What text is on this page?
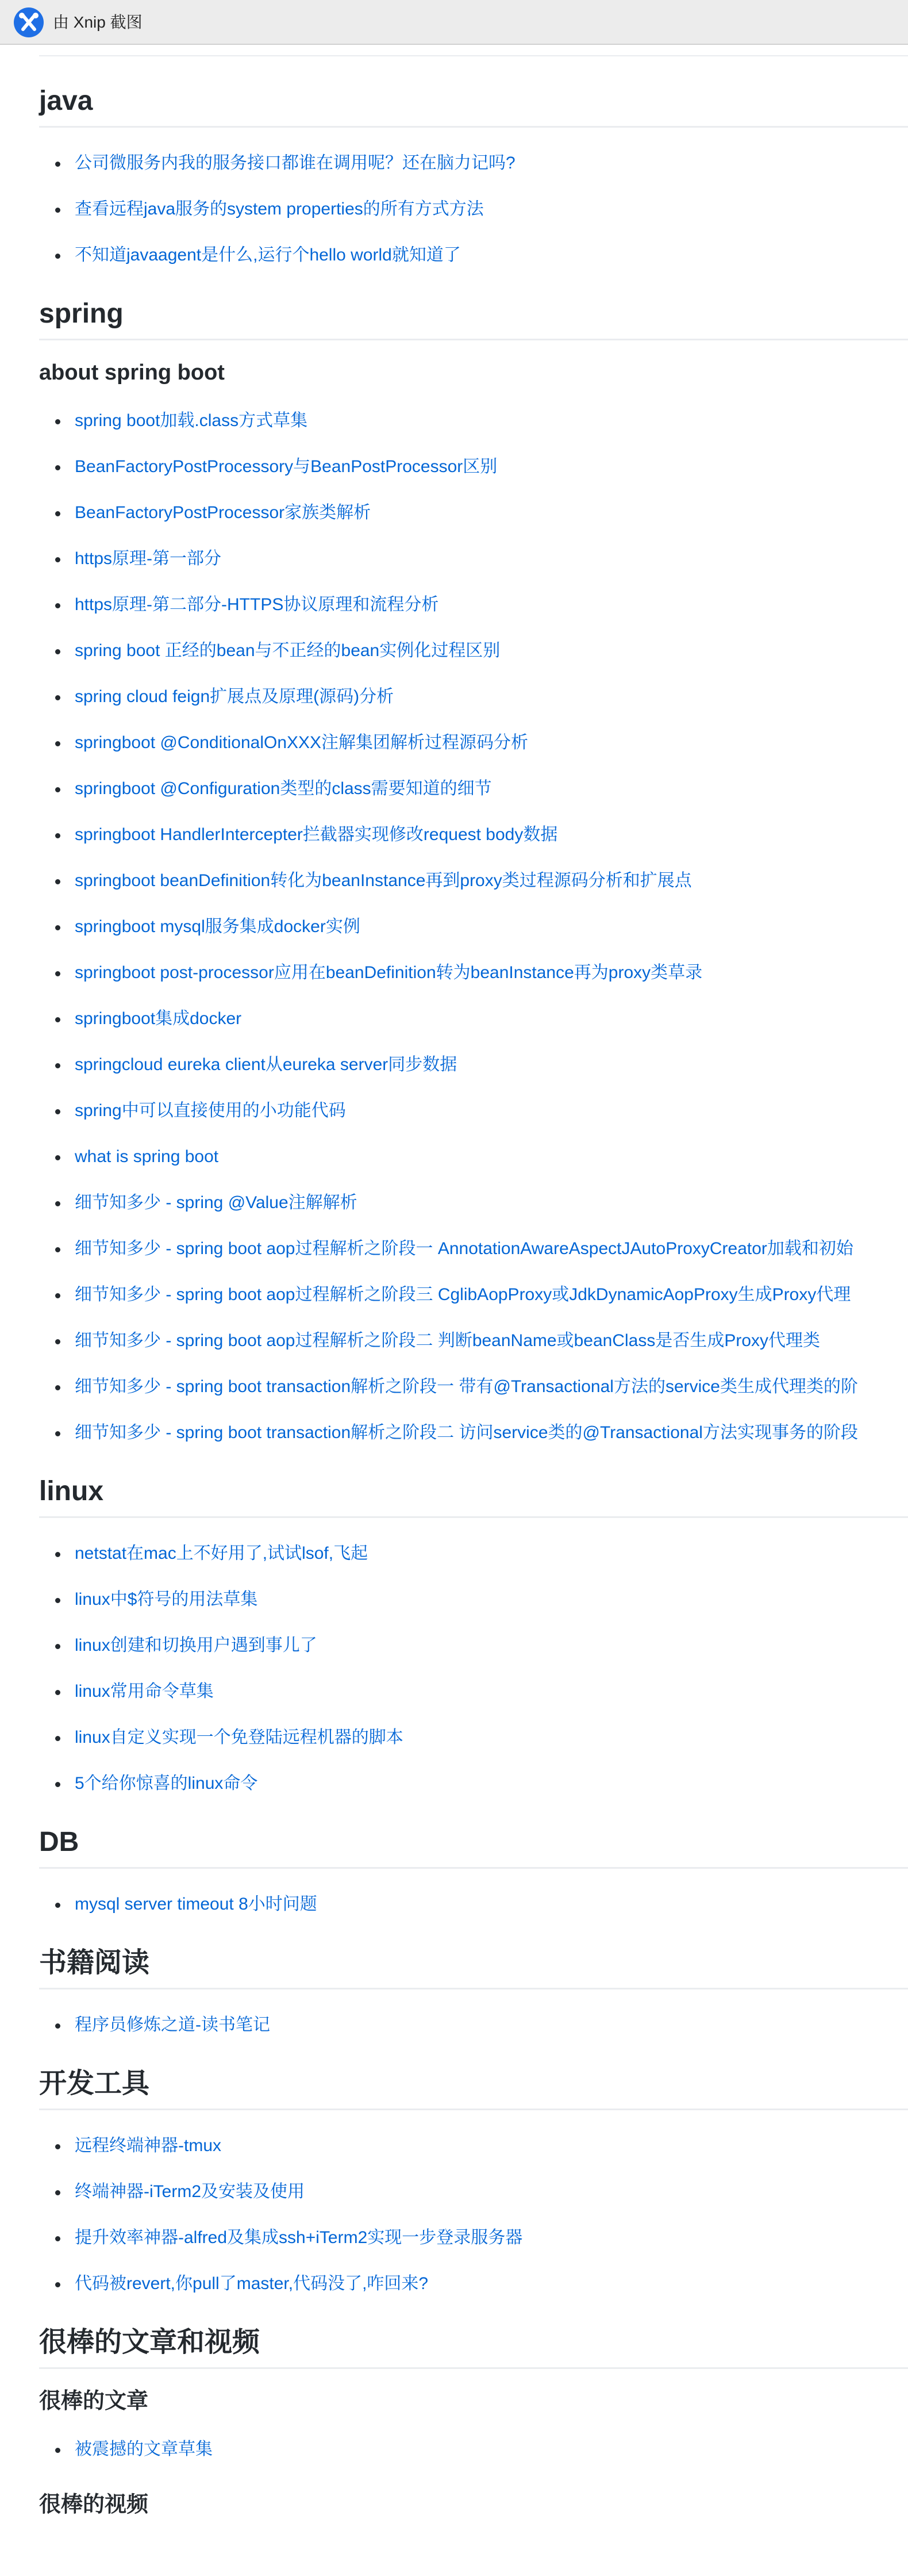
由 Xnip 截图
java
公司微服务内我的服务接口都谁在调用呢？还在脑力记吗?
查看远程java服务的system properties的所有方式方法
不知道javaagent是什么,运行个hello world就知道了
spring
about spring boot
spring boot加载.class方式草集
BeanFactoryPostProcessory与BeanPostProcessor区别
BeanFactoryPostProcessor家族类解析
https原理-第一部分
https原理-第二部分-HTTPS协议原理和流程分析
spring boot 正经的bean与不正经的bean实例化过程区别
spring cloud feign扩展点及原理(源码)分析
springboot @ConditionalOnXXX注解集团解析过程源码分析
springboot @Configuration类型的class需要知道的细节
springboot HandlerIntercepter拦截器实现修改request body数据
springboot beanDefinition转化为beanInstance再到proxy类过程源码分析和扩展点
springboot mysql服务集成docker实例
springboot post-processor应用在beanDefinition转为beanInstance再为proxy类草录
springboot集成docker
springcloud eureka client从eureka server同步数据
spring中可以直接使用的小功能代码
what is spring boot
细节知多少 - spring @Value注解解析
细节知多少 - spring boot aop过程解析之阶段一 AnnotationAwareAspectJAutoProxyCreator加载和初始
细节知多少 - spring boot aop过程解析之阶段三 CglibAopProxy或JdkDynamicAopProxy生成Proxy代理
细节知多少 - spring boot aop过程解析之阶段二 判断beanName或beanClass是否生成Proxy代理类
细节知多少 - spring boot transaction解析之阶段一 带有@Transactional方法的service类生成代理类的阶
细节知多少 - spring boot transaction解析之阶段二 访问service类的@Transactional方法实现事务的阶段
linux
netstat在mac上不好用了,试试lsof,飞起
linux中$符号的用法草集
linux创建和切换用户遇到事儿了
linux常用命令草集
linux自定义实现一个免登陆远程机器的脚本
5个给你惊喜的linux命令
DB
mysql server timeout 8小时问题
书籍阅读
程序员修炼之道-读书笔记
开发工具
远程终端神器-tmux
终端神器-iTerm2及安装及使用
提升效率神器-alfred及集成ssh+iTerm2实现一步登录服务器
代码被revert,你pull了master,代码没了,咋回来?
很棒的文章和视频
很棒的文章
被震撼的文章草集
很棒的视频
